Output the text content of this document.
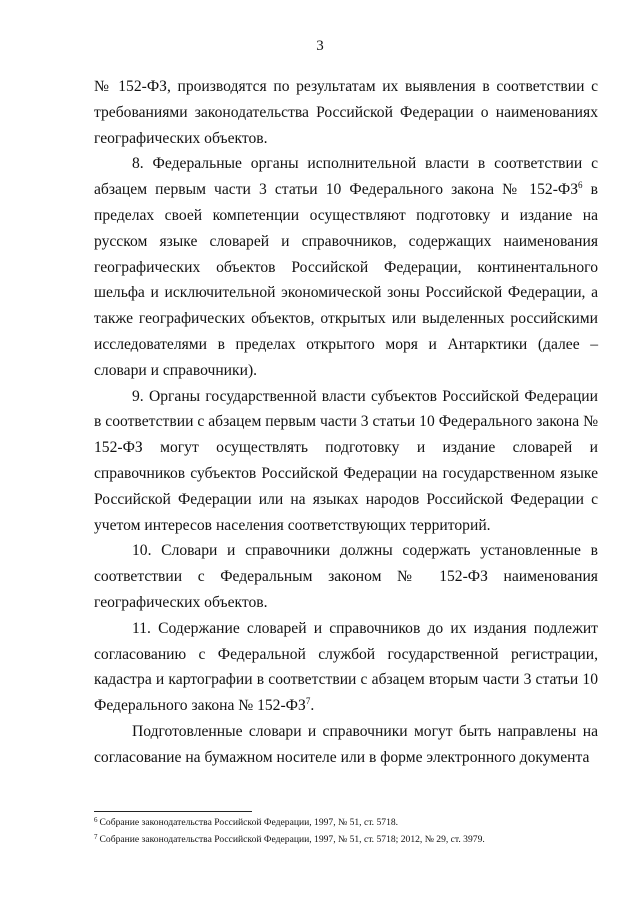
3

№ 152-ФЗ, производятся по результатам их выявления в соответствии с требованиями законодательства Российской Федерации о наименованиях географических объектов.

8. Федеральные органы исполнительной власти в соответствии с абзацем первым части 3 статьи 10 Федерального закона № $152-ФЗ^6$ в пределах своей компетенции осуществляют подготовку и издание на русском языке словарей и справочников, содержащих наименования географических объектов Российской Федерации, континентального шельфа и исключительной экономической зоны Российской Федерации, а также географических объектов, открытых или выделенных российскими исследователями в пределах открытого моря и Антарктики (далее – словари и справочники).

9. Органы государственной власти субъектов Российской Федерации в соответствии с абзацем первым части 3 статьи 10 Федерального закона № 152-ФЗ могут осуществлять подготовку и издание словарей и справочников субъектов Российской Федерации на государственном языке Российской Федерации или на языках народов Российской Федерации с учетом интересов населения соответствующих территорий.

10. Словари и справочники должны содержать установленные в соответствии с Федеральным законом № 152-ФЗ наименования географических объектов.

11. Содержание словарей и справочников до их издания подлежит согласованию с Федеральной службой государственной регистрации, кадастра и картографии в соответствии с абзацем вторым части 3 статьи 10 Федерального закона № $152-ФЗ^7$.

Подготовленные словари и справочники могут быть направлены на согласование на бумажном носителе или в форме электронного документа

$^6$ Собрание законодательства Российской Федерации, 1997, № 51, ст. 5718.

$^7$ Собрание законодательства Российской Федерации, 1997, № 51, ст. 5718; 2012, № 29, ст. 3979.
